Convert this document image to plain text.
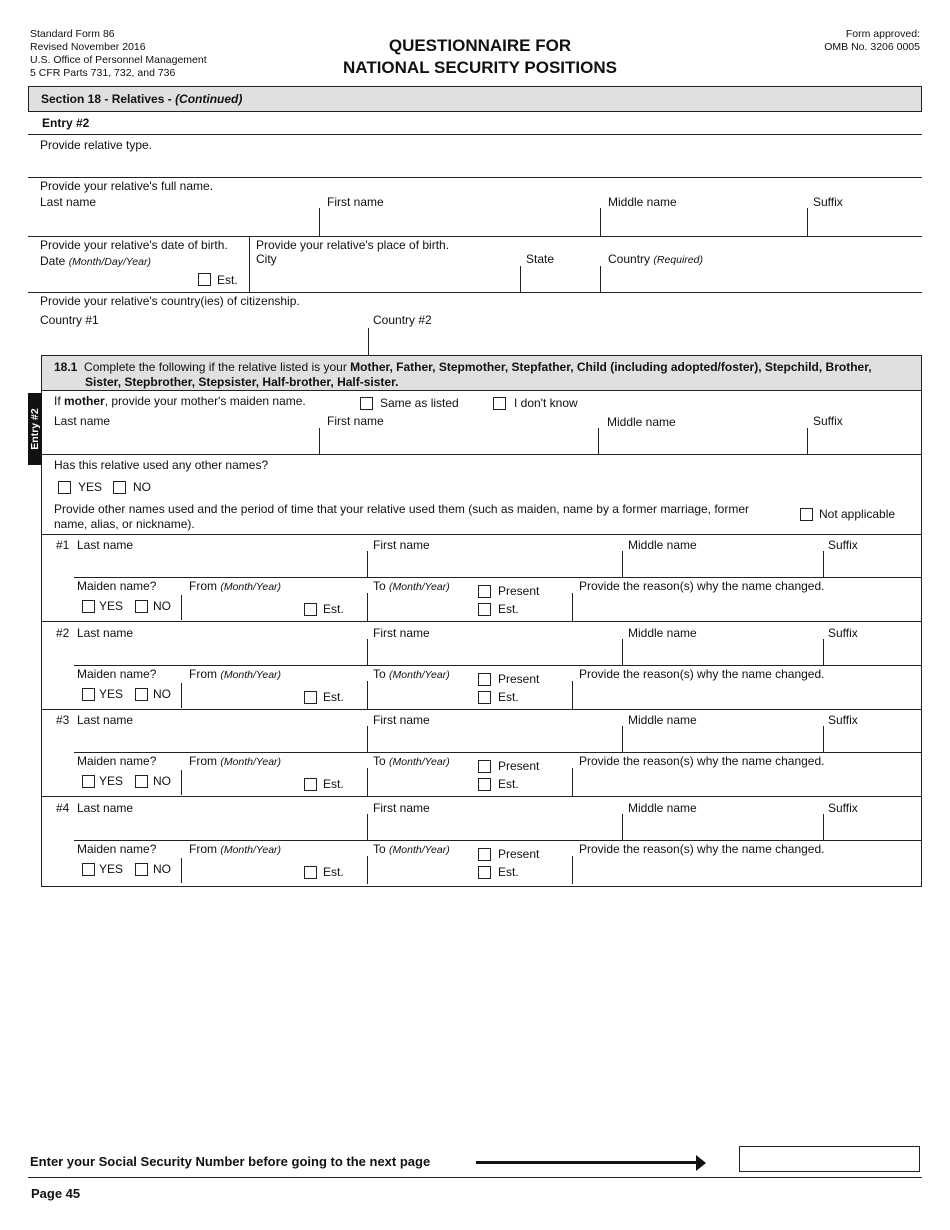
Standard Form 86
Revised November 2016
U.S. Office of Personnel Management
5 CFR Parts 731, 732, and 736
QUESTIONNAIRE FOR
NATIONAL SECURITY POSITIONS
Form approved:
OMB No. 3206 0005
Section 18 - Relatives - (Continued)
Entry #2
Provide relative type.
Provide your relative's full name.
Last name	First name	Middle name	Suffix
Provide your relative's date of birth.
Date (Month/Day/Year)
Est.
Provide your relative's place of birth.
City	State	Country (Required)
Provide your relative's country(ies) of citizenship.
Country #1	Country #2
18.1 Complete the following if the relative listed is your Mother, Father, Stepmother, Stepfather, Child (including adopted/foster), Stepchild, Brother,
Sister, Stepbrother, Stepsister, Half-brother, Half-sister.
Entry #2
If mother, provide your mother's maiden name.	Same as listed	I don't know
Last name	First name	Middle name	Suffix
Has this relative used any other names?
YES	NO
Provide other names used and the period of time that your relative used them (such as maiden, name by a former marriage, former
name, alias, or nickname).
Not applicable
#1 Last name	First name	Middle name	Suffix
Maiden name?
YES NO
From (Month/Year)
Est.
To (Month/Year)	Present
Est.
Provide the reason(s) why the name changed.
#2 Last name	First name	Middle name	Suffix
Maiden name?
YES NO
From (Month/Year)
Est.
To (Month/Year)	Present
Est.
Provide the reason(s) why the name changed.
#3 Last name	First name	Middle name	Suffix
Maiden name?
YES NO
From (Month/Year)
Est.
To (Month/Year)	Present
Est.
Provide the reason(s) why the name changed.
#4 Last name	First name	Middle name	Suffix
Maiden name?
YES NO
From (Month/Year)
Est.
To (Month/Year)	Present
Est.
Provide the reason(s) why the name changed.
Enter your Social Security Number before going to the next page
Page 45
